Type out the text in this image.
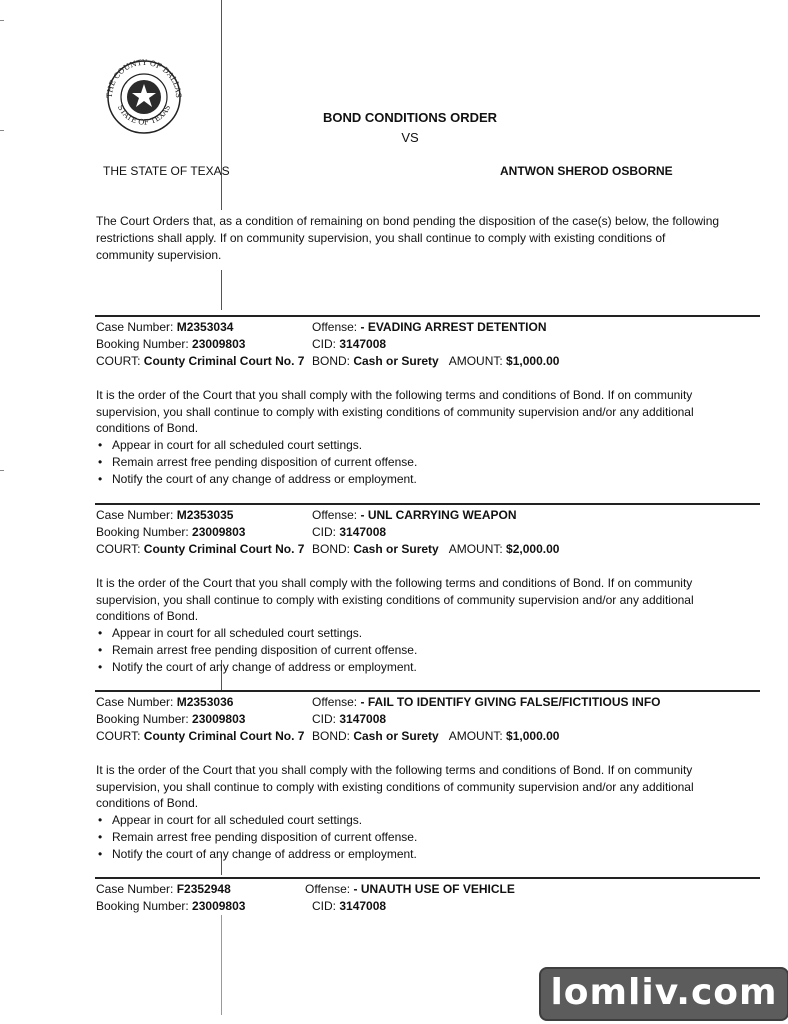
THE COUNTY OF DALLAS
STATE OF TEXAS
BOND CONDITIONS ORDER
VS
THE STATE OF TEXAS	ANTWON SHEROD OSBORNE
The Court Orders that, as a condition of remaining on bond pending the disposition of the case(s) below, the following restrictions shall apply. If on community supervision, you shall continue to comply with existing conditions of community supervision.
Case Number: M2353034	Offense: - EVADING ARREST DETENTION
Booking Number: 23009803	CID: 3147008
COURT: County Criminal Court No. 7 BOND: Cash or Surety AMOUNT: $1,000.00
It is the order of the Court that you shall comply with the following terms and conditions of Bond. If on community supervision, you shall continue to comply with existing conditions of community supervision and/or any additional conditions of Bond.
• Appear in court for all scheduled court settings.
• Remain arrest free pending disposition of current offense.
• Notify the court of any change of address or employment.
Case Number: M2353035	Offense: - UNL CARRYING WEAPON
Booking Number: 23009803	CID: 3147008
COURT: County Criminal Court No. 7 BOND: Cash or Surety AMOUNT: $2,000.00
It is the order of the Court that you shall comply with the following terms and conditions of Bond. If on community supervision, you shall continue to comply with existing conditions of community supervision and/or any additional conditions of Bond.
• Appear in court for all scheduled court settings.
• Remain arrest free pending disposition of current offense.
• Notify the court of any change of address or employment.
Case Number: M2353036	Offense: - FAIL TO IDENTIFY GIVING FALSE/FICTITIOUS INFO
Booking Number: 23009803	CID: 3147008
COURT: County Criminal Court No. 7 BOND: Cash or Surety AMOUNT: $1,000.00
It is the order of the Court that you shall comply with the following terms and conditions of Bond. If on community supervision, you shall continue to comply with existing conditions of community supervision and/or any additional conditions of Bond.
• Appear in court for all scheduled court settings.
• Remain arrest free pending disposition of current offense.
• Notify the court of any change of address or employment.
Case Number: F2352948	Offense: - UNAUTH USE OF VEHICLE
Booking Number: 23009803	CID: 3147008
lomliv.com
